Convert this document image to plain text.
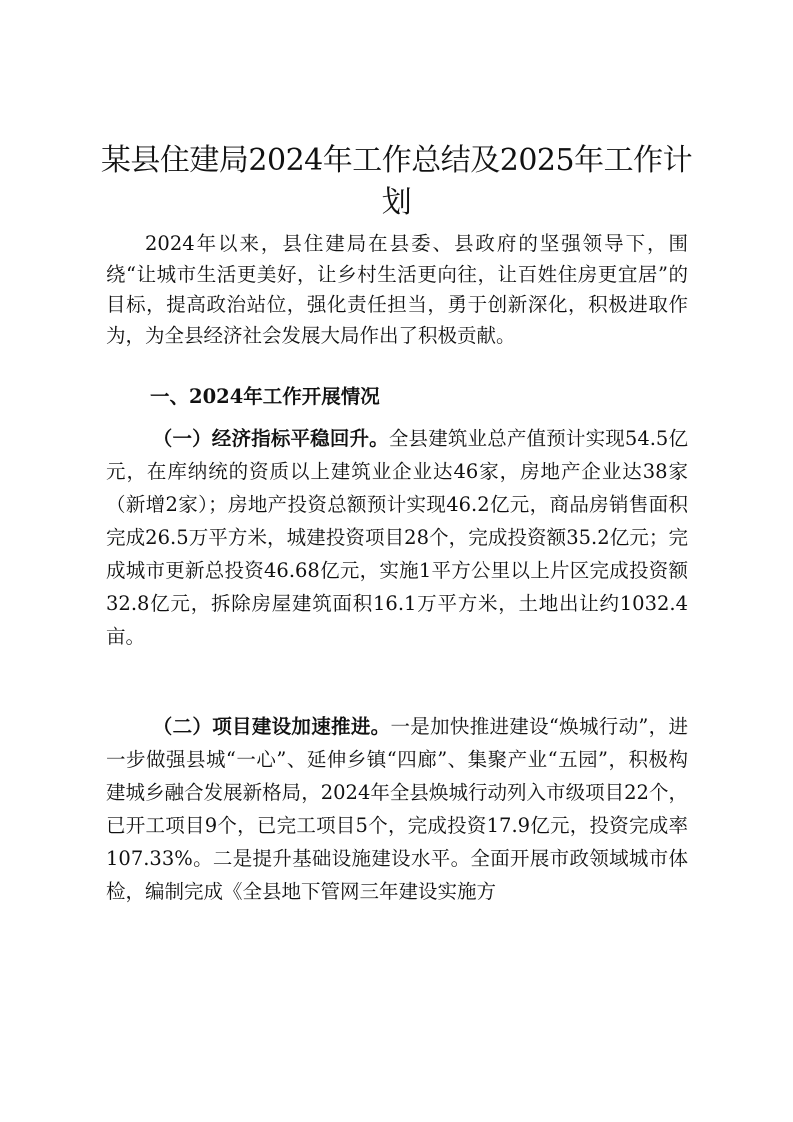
某县住建局2024年工作总结及2025年工作计划

2024年以来，县住建局在县委、县政府的坚强领导下，围绕“让城市生活更美好，让乡村生活更向往，让百姓住房更宜居”的目标，提高政治站位，强化责任担当，勇于创新深化，积极进取作为，为全县经济社会发展大局作出了积极贡献。

一、2024年工作开展情况

（一）经济指标平稳回升。全县建筑业总产值预计实现54.5亿元，在库纳统的资质以上建筑业企业达46家，房地产企业达38家（新增2家）；房地产投资总额预计实现46.2亿元，商品房销售面积完成26.5万平方米，城建投资项目28个，完成投资额35.2亿元；完成城市更新总投资46.68亿元，实施1平方公里以上片区完成投资额32.8亿元，拆除房屋建筑面积16.1万平方米，土地出让约1032.4亩。

（二）项目建设加速推进。一是加快推进建设“焕城行动”，进一步做强县城“一心”、延伸乡镇“四廊”、集聚产业“五园”，积极构建城乡融合发展新格局，2024年全县焕城行动列入市级项目22个，已开工项目9个，已完工项目5个，完成投资17.9亿元，投资完成率107.33%。二是提升基础设施建设水平。全面开展市政领域城市体检，编制完成《全县地下管网三年建设实施方
